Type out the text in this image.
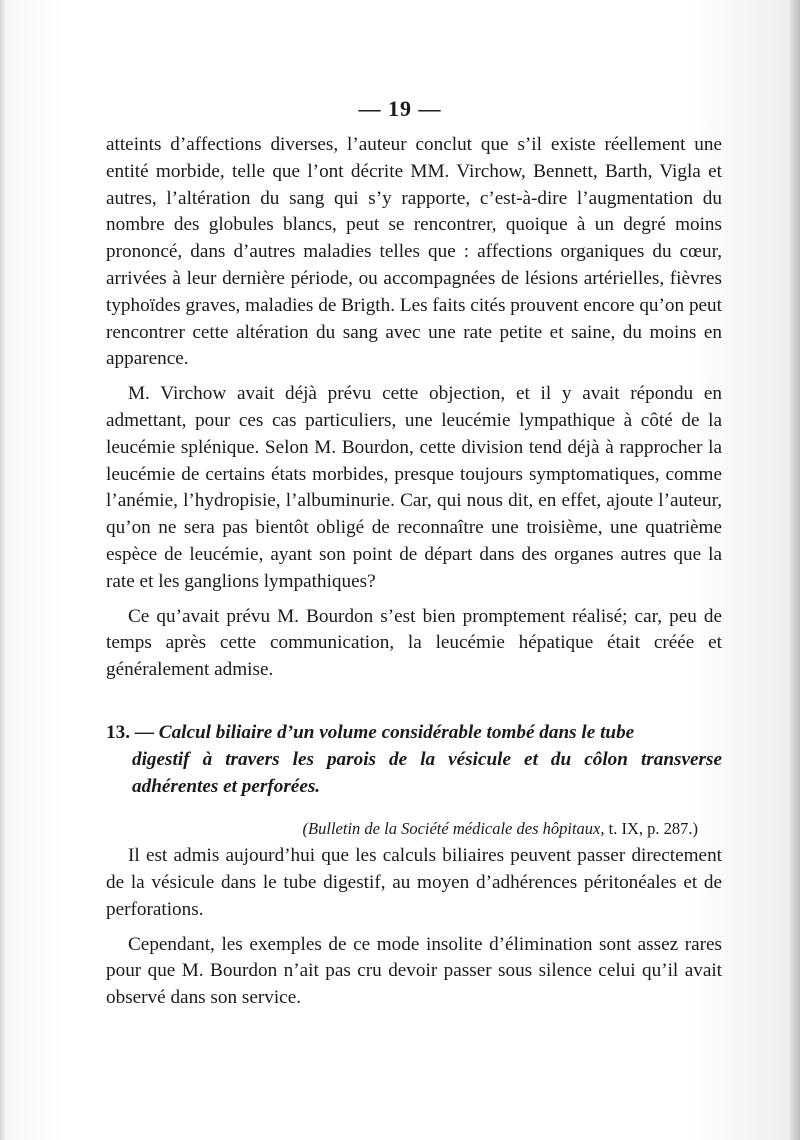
— 19 —

atteints d’affections diverses, l’auteur conclut que s’il existe réellement une entité morbide, telle que l’ont décrite MM. Virchow, Bennett, Barth, Vigla et autres, l’altération du sang qui s’y rapporte, c’est-à-dire l’augmentation du nombre des globules blancs, peut se rencontrer, quoique à un degré moins prononcé, dans d’autres maladies telles que : affections organiques du cœur, arrivées à leur dernière période, ou accompagnées de lésions artérielles, fièvres typhoïdes graves, maladies de Brigth. Les faits cités prouvent encore qu’on peut rencontrer cette altération du sang avec une rate petite et saine, du moins en apparence.

M. Virchow avait déjà prévu cette objection, et il y avait répondu en admettant, pour ces cas particuliers, une leucémie lympathique à côté de la leucémie splénique. Selon M. Bourdon, cette division tend déjà à rapprocher la leucémie de certains états morbides, presque toujours symptomatiques, comme l’anémie, l’hydropisie, l’albuminurie. Car, qui nous dit, en effet, ajoute l’auteur, qu’on ne sera pas bientôt obligé de reconnaître une troisième, une quatrième espèce de leucémie, ayant son point de départ dans des organes autres que la rate et les ganglions lympathiques?

Ce qu’avait prévu M. Bourdon s’est bien promptement réalisé; car, peu de temps après cette communication, la leucémie hépatique était créée et généralement admise.

13. — Calcul biliaire d’un volume considérable tombé dans le tube
digestif à travers les parois de la vésicule et du côlon transverse adhérentes et perforées.
(Bulletin de la Société médicale des hôpitaux, t. IX, p. 287.)

Il est admis aujourd’hui que les calculs biliaires peuvent passer directement de la vésicule dans le tube digestif, au moyen d’adhérences péritonéales et de perforations.

Cependant, les exemples de ce mode insolite d’élimination sont assez rares pour que M. Bourdon n’ait pas cru devoir passer sous silence celui qu’il avait observé dans son service.
